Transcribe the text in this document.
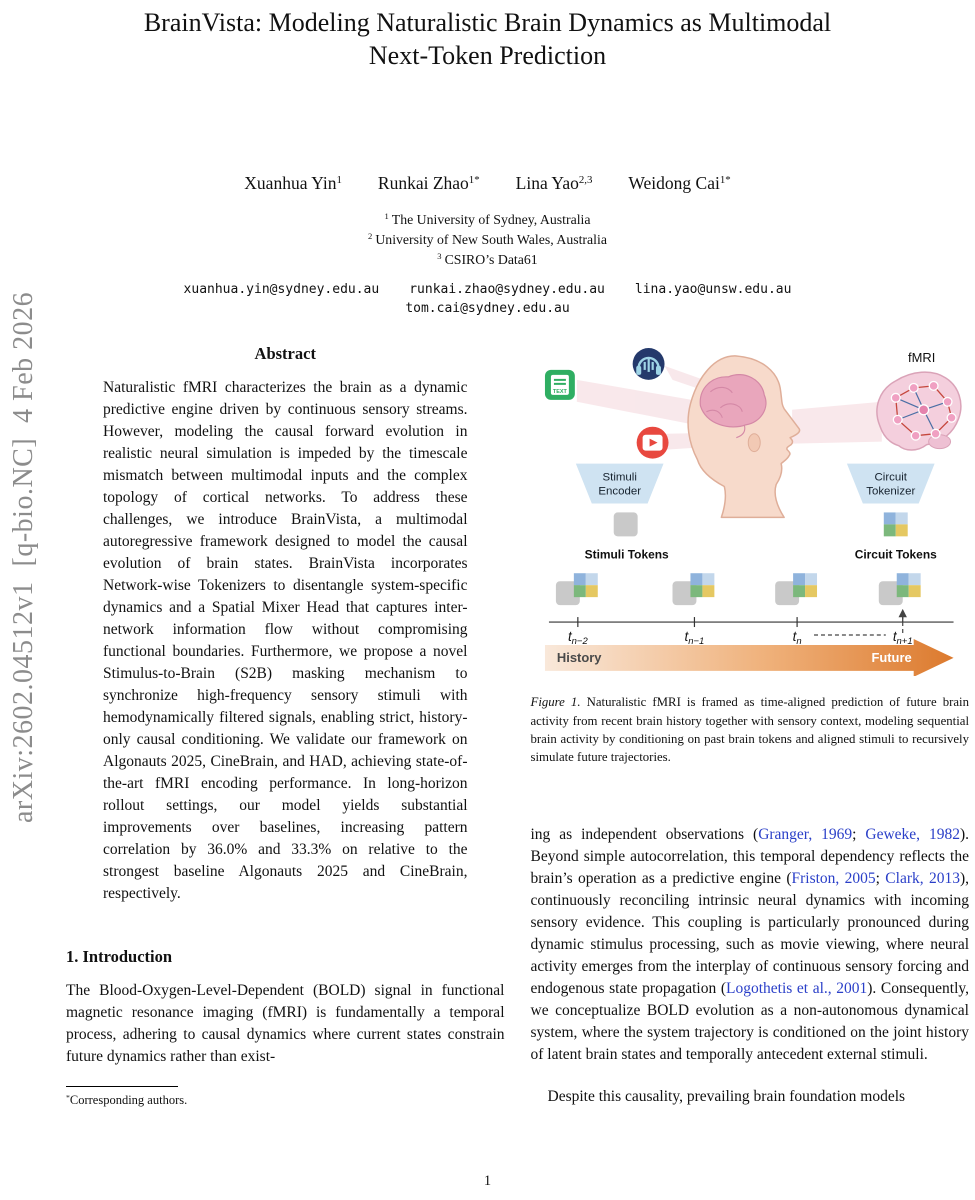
arXiv:2602.04512v1  [q-bio.NC]  4 Feb 2026
BrainVista: Modeling Naturalistic Brain Dynamics as Multimodal
Next-Token Prediction
Xuanhua Yin$^1$ Runkai Zhao$^{1*}$ Lina Yao$^{2,3}$ Weidong Cai$^{1*}$
$^1$ The University of Sydney, Australia
$^2$ University of New South Wales, Australia
$^3$ CSIRO’s Data61
xuanhua.yin@sydney.edu.au runkai.zhao@sydney.edu.au lina.yao@unsw.edu.au
tom.cai@sydney.edu.au
Abstract

Naturalistic fMRI characterizes the brain as a dynamic predictive engine driven by continuous sensory streams. However, modeling the causal forward evolution in realistic neural simulation is impeded by the timescale mismatch between multimodal inputs and the complex topology of cortical networks. To address these challenges, we introduce BrainVista, a multimodal autoregressive framework designed to model the causal evolution of brain states. BrainVista incorporates Network-wise Tokenizers to disentangle system-specific dynamics and a Spatial Mixer Head that captures inter-network information flow without compromising functional boundaries. Furthermore, we propose a novel Stimulus-to-Brain (S2B) masking mechanism to synchronize high-frequency sensory stimuli with hemodynamically filtered signals, enabling strict, history-only causal conditioning. We validate our framework on Algonauts 2025, CineBrain, and HAD, achieving state-of-the-art fMRI encoding performance. In long-horizon rollout settings, our model yields substantial improvements over baselines, increasing pattern correlation by 36.0% and 33.3% on relative to the strongest baseline Algonauts 2025 and CineBrain, respectively.

1. Introduction

The Blood-Oxygen-Level-Dependent (BOLD) signal in functional magnetic resonance imaging (fMRI) is fundamentally a temporal process, adhering to causal dynamics where current states constrain future dynamics rather than exist-

*Corresponding authors.
TEXT
fMRI
Stimuli
Encoder
Circuit
Tokenizer
Stimuli Tokens	Circuit Tokens
$t_{n-2}$	$t_{n-1}$	$t_n$	$t_{n+1}$
History	Future
Figure 1. Naturalistic fMRI is framed as time-aligned prediction of future brain activity from recent brain history together with sensory context, modeling sequential brain activity by conditioning on past brain tokens and aligned stimuli to recursively simulate future trajectories.

ing as independent observations (Granger, 1969; Geweke, 1982). Beyond simple autocorrelation, this temporal dependency reflects the brain’s operation as a predictive engine (Friston, 2005; Clark, 2013), continuously reconciling intrinsic neural dynamics with incoming sensory evidence. This coupling is particularly pronounced during dynamic stimulus processing, such as movie viewing, where neural activity emerges from the interplay of continuous sensory forcing and endogenous state propagation (Logothetis et al., 2001). Consequently, we conceptualize BOLD evolution as a non-autonomous dynamical system, where the system trajectory is conditioned on the joint history of latent brain states and temporally antecedent external stimuli.

Despite this causality, prevailing brain foundation models

1
